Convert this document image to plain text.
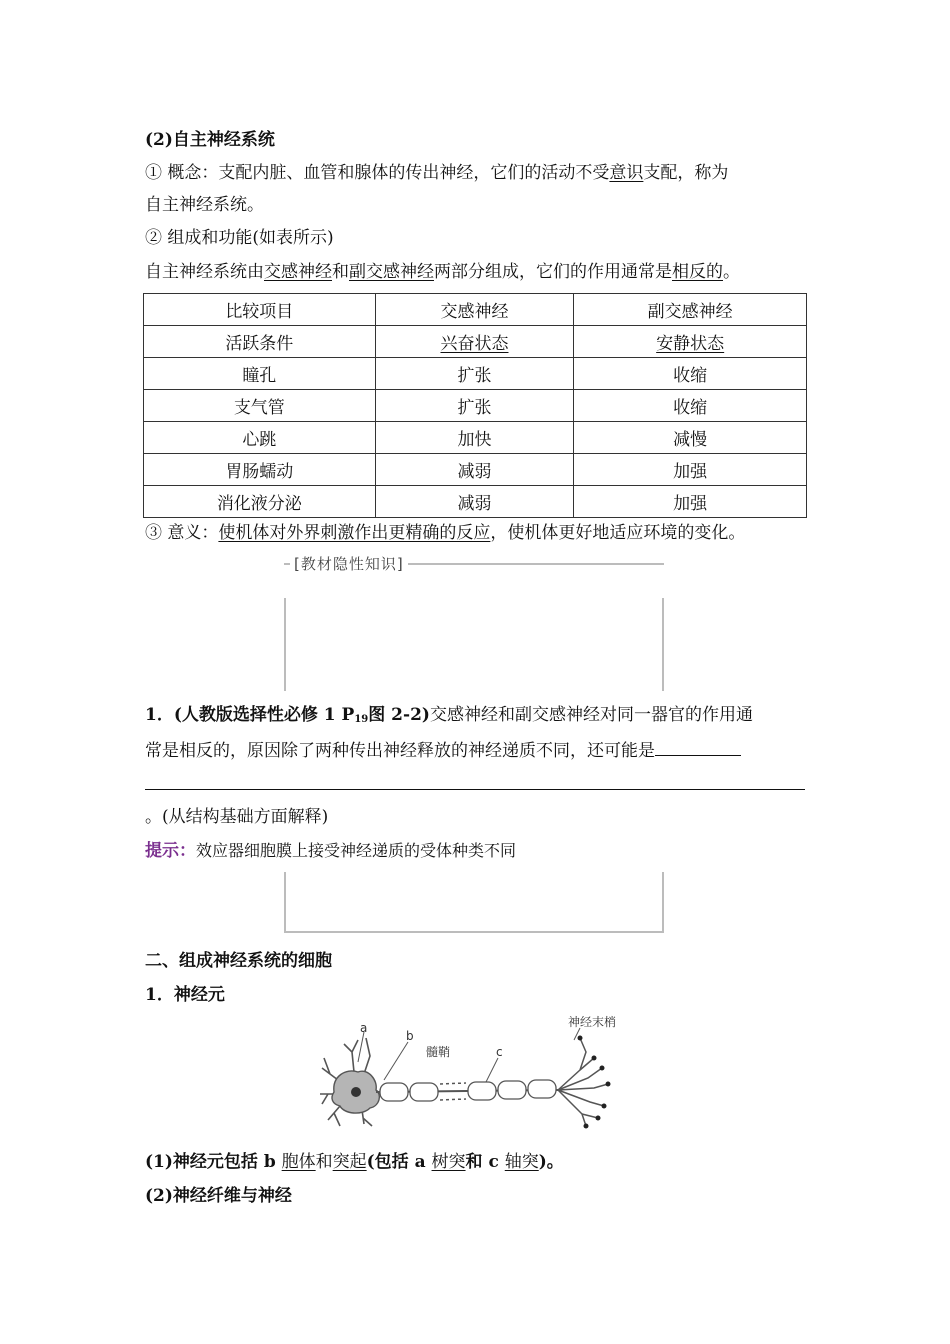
(2)自主神经系统
① 概念：支配内脏、血管和腺体的传出神经，它们的活动不受意识支配，称为
自主神经系统。
② 组成和功能(如表所示)
自主神经系统由交感神经和副交感神经两部分组成，它们的作用通常是相反的。
比较项目	交感神经	副交感神经
活跃条件	兴奋状态	安静状态
瞳孔	扩张	收缩
支气管	扩张	收缩
心跳	加快	减慢
胃肠蠕动	减弱	加强
消化液分泌	减弱	加强
③ 意义：使机体对外界刺激作出更精确的反应，使机体更好地适应环境的变化。
[教材隐性知识]
1．(人教版选择性必修 1 $P_{19}$图 2-2)交感神经和副交感神经对同一器官的作用通
常是相反的，原因除了两种传出神经释放的神经递质不同，还可能是
。(从结构基础方面解释)
提示：效应器细胞膜上接受神经递质的受体种类不同
二、组成神经系统的细胞
1．神经元
a
b
c
髓鞘
神经末梢
(1)神经元包括 b 胞体和突起(包括 a 树突和 c 轴突)。
(2)神经纤维与神经
